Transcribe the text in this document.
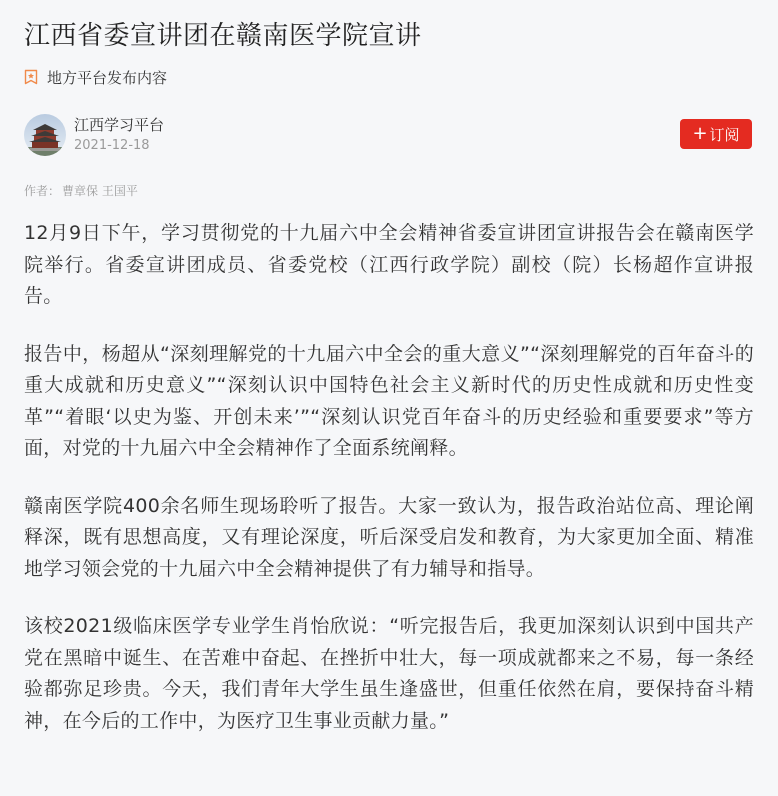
江西省委宣讲团在赣南医学院宣讲
地方平台发布内容
江西学习平台
2021-12-18
+ 订阅
作者： 曹章保 王国平

12月9日下午，学习贯彻党的十九届六中全会精神省委宣讲团宣讲报告会在赣南医学院举行。省委宣讲团成员、省委党校（江西行政学院）副校（院）长杨超作宣讲报告。

报告中，杨超从“深刻理解党的十九届六中全会的重大意义”“深刻理解党的百年奋斗的重大成就和历史意义”“深刻认识中国特色社会主义新时代的历史性成就和历史性变革”“着眼‘以史为鉴、开创未来’”“深刻认识党百年奋斗的历史经验和重要要求”等方面，对党的十九届六中全会精神作了全面系统阐释。

赣南医学院400余名师生现场聆听了报告。大家一致认为，报告政治站位高、理论阐释深，既有思想高度，又有理论深度，听后深受启发和教育，为大家更加全面、精准地学习领会党的十九届六中全会精神提供了有力辅导和指导。

该校2021级临床医学专业学生肖怡欣说：“听完报告后，我更加深刻认识到中国共产党在黑暗中诞生、在苦难中奋起、在挫折中壮大，每一项成就都来之不易，每一条经验都弥足珍贵。今天，我们青年大学生虽生逢盛世，但重任依然在肩，要保持奋斗精神，在今后的工作中，为医疗卫生事业贡献力量。”
